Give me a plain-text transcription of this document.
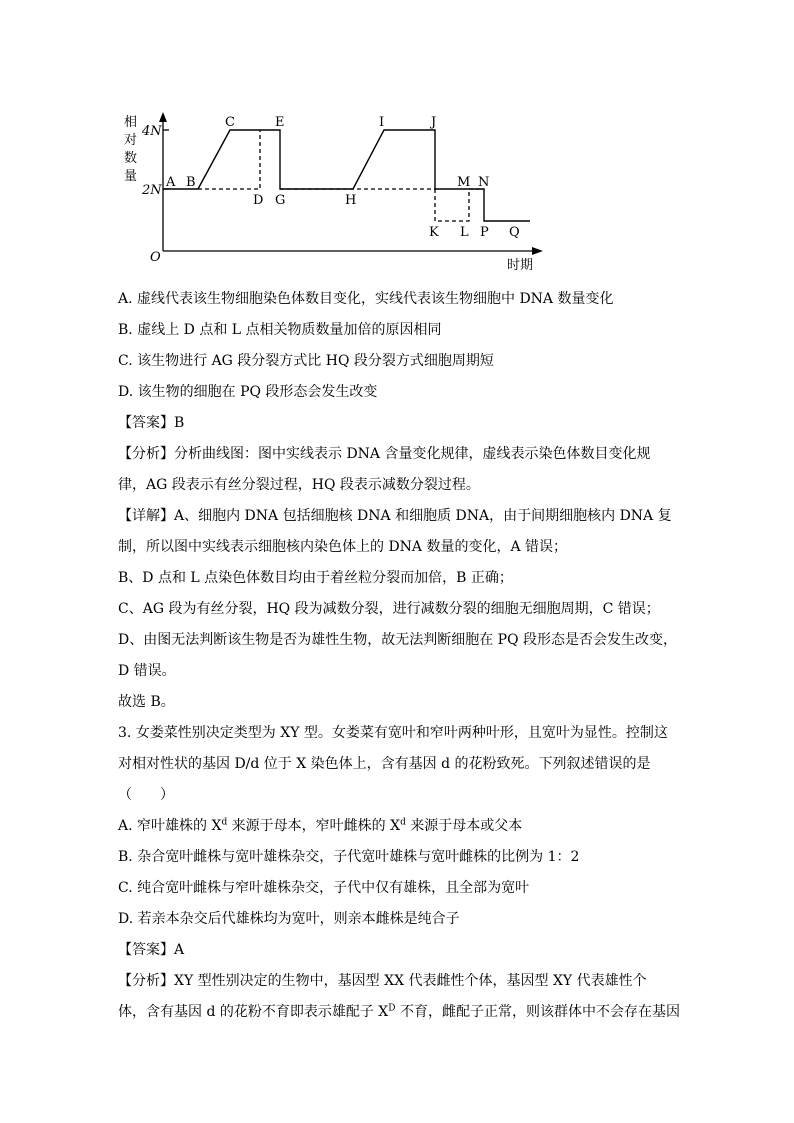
相
对
数
量
4N
2N
O
时期
A B
C	E
D G	H
I	J
M N
K L P Q
A. 虚线代表该生物细胞染色体数目变化，实线代表该生物细胞中 DNA 数量变化
B. 虚线上 D 点和 L 点相关物质数量加倍的原因相同
C. 该生物进行 AG 段分裂方式比 HQ 段分裂方式细胞周期短
D. 该生物的细胞在 PQ 段形态会发生改变
【答案】B
【分析】分析曲线图：图中实线表示 DNA 含量变化规律，虚线表示染色体数目变化规
律，AG 段表示有丝分裂过程，HQ 段表示减数分裂过程。
【详解】A、细胞内 DNA 包括细胞核 DNA 和细胞质 DNA，由于间期细胞核内 DNA 复
制，所以图中实线表示细胞核内染色体上的 DNA 数量的变化，A 错误；
B、D 点和 L 点染色体数目均由于着丝粒分裂而加倍，B 正确；
C、AG 段为有丝分裂，HQ 段为减数分裂，进行减数分裂的细胞无细胞周期，C 错误；
D、由图无法判断该生物是否为雄性生物，故无法判断细胞在 PQ 段形态是否会发生改变，
D 错误。
故选 B。
3. 女娄菜性别决定类型为 XY 型。女娄菜有宽叶和窄叶两种叶形，且宽叶为显性。控制这
对相对性状的基因 D/d 位于 X 染色体上，含有基因 d 的花粉致死。下列叙述错误的是
（　　）
A. 窄叶雄株的 $X^d$ 来源于母本，窄叶雌株的 $X^d$ 来源于母本或父本
B. 杂合宽叶雌株与宽叶雄株杂交，子代宽叶雄株与宽叶雌株的比例为 1：2
C. 纯合宽叶雌株与窄叶雄株杂交，子代中仅有雄株，且全部为宽叶
D. 若亲本杂交后代雄株均为宽叶，则亲本雌株是纯合子
【答案】A
【分析】XY 型性别决定的生物中，基因型 XX 代表雌性个体，基因型 XY 代表雄性个
体，含有基因 d 的花粉不育即表示雄配子 $X^D$ 不育，雌配子正常，则该群体中不会存在基因
